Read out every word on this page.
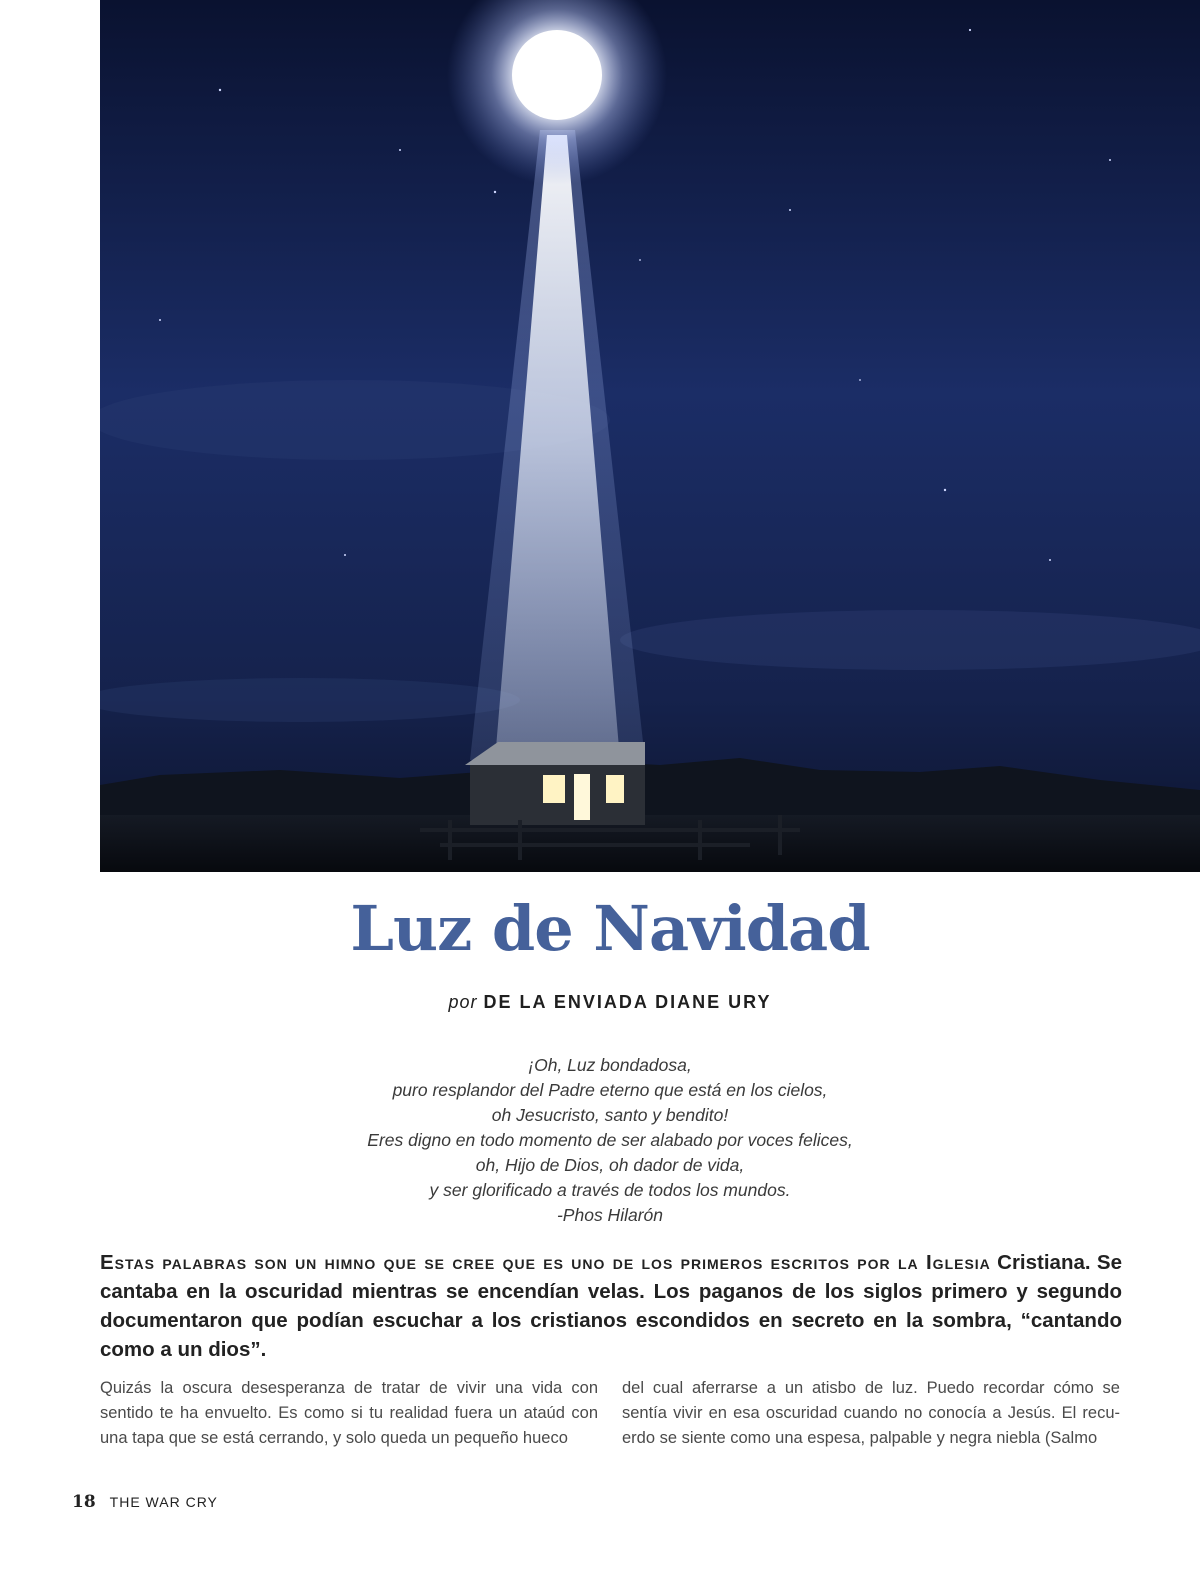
Luz de Navidad
por DE LA ENVIADA DIANE URY
¡Oh, Luz bondadosa,
puro resplandor del Padre eterno que está en los cielos,
oh Jesucristo, santo y bendito!
Eres digno en todo momento de ser alabado por voces felices,
oh, Hijo de Dios, oh dador de vida,
y ser glorificado a través de todos los mundos.
-Phos Hilarón

Estas palabras son un himno que se cree que es uno de los primeros escritos por la Iglesia Cristiana. Se cantaba en la oscuridad mientras se encendían velas. Los paganos de los siglos primero y segundo documentaron que podían escuchar a los cristianos escondidos en secreto en la sombra, “cantando como a un dios”.

Quizás la oscura desesperanza de tratar de vivir una vida con sentido te ha envuelto. Es como si tu realidad fuera un ataúd con una tapa que se está cerrando, y solo queda un pequeño hueco

del cual aferrarse a un atisbo de luz. Puedo recordar cómo se sentía vivir en esa oscuridad cuando no conocía a Jesús. El recu-erdo se siente como una espesa, palpable y negra niebla (Salmo

18 THE WAR CRY
